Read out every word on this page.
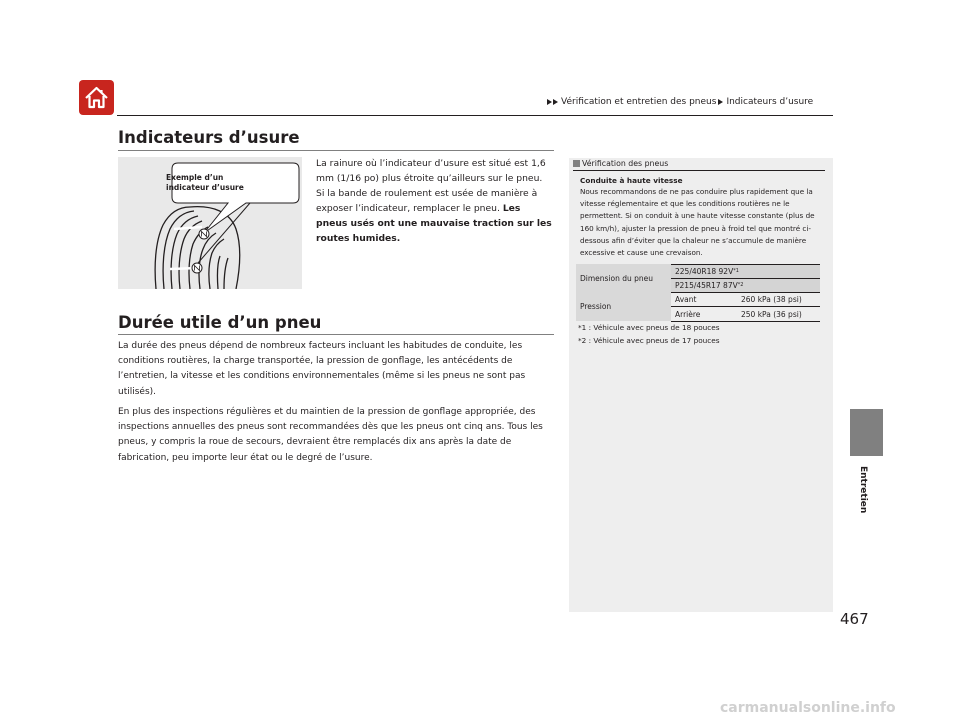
Vérification et entretien des pneus Indicateurs d’usure
Entretien
Indicateurs d’usure
Exemple d’un
indicateur d’usure

La rainure où l’indicateur d’usure est situé est 1,6 mm (1/16 po) plus étroite qu’ailleurs sur le pneu. Si la bande de roulement est usée de manière à exposer l’indicateur, remplacer le pneu. Les pneus usés ont une mauvaise traction sur les routes humides.

Durée utile d’un pneu

La durée des pneus dépend de nombreux facteurs incluant les habitudes de conduite, les conditions routières, la charge transportée, la pression de gonflage, les antécédents de l’entretien, la vitesse et les conditions environnementales (même si les pneus ne sont pas utilisés).

En plus des inspections régulières et du maintien de la pression de gonflage appropriée, des inspections annuelles des pneus sont recommandées dès que les pneus ont cinq ans. Tous les pneus, y compris la roue de secours, devraient être remplacés dix ans après la date de fabrication, peu importe leur état ou le degré de l’usure.

Vérification des pneus
Conduite à haute vitesse

Nous recommandons de ne pas conduire plus rapidement que la vitesse réglementaire et que les conditions routières ne le permettent. Si on conduit à une haute vitesse constante (plus de 160 km/h), ajuster la pression de pneu à froid tel que montré ci-dessous afin d’éviter que la chaleur ne s’accumule de manière excessive et cause une crevaison.

Dimension du pneu
Pression
225/40R18 92V *1
P215/45R17 87V *2
Avant	260 kPa (38 psi)
Arrière	250 kPa (36 psi)
*1 : Véhicule avec pneus de 18 pouces
*2 : Véhicule avec pneus de 17 pouces
467
carmanualsonline.info
